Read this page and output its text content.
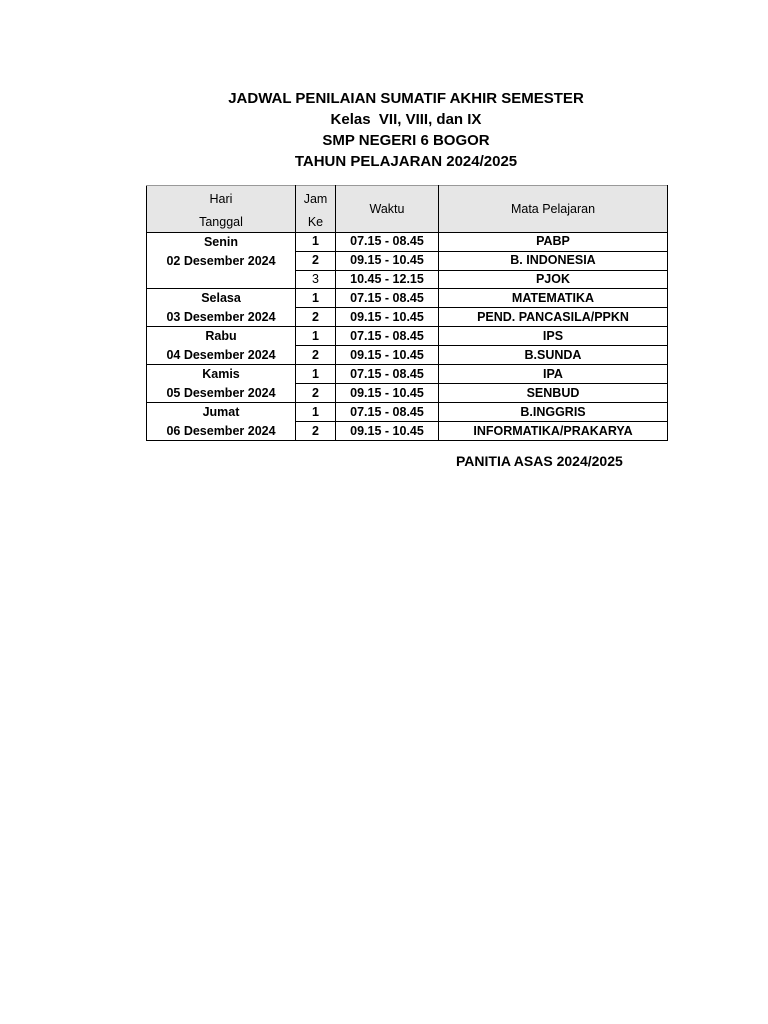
JADWAL PENILAIAN SUMATIF AKHIR SEMESTER
Kelas  VII, VIII, dan IX
SMP NEGERI 6 BOGOR
TAHUN PELAJARAN 2024/2025
Hari	Jam	Waktu	Mata Pelajaran
Tanggal	Ke		

Senin
02 Desember 2024	1	07.15 - 08.45	PABP
	2	09.15 - 10.45	B. INDONESIA
	3	10.45 - 12.15	PJOK

Selasa
03 Desember 2024	1	07.15 - 08.45	MATEMATIKA
	2	09.15 - 10.45	PEND. PANCASILA/PPKN

Rabu
04 Desember 2024	1	07.15 - 08.45	IPS
	2	09.15 - 10.45	B.SUNDA

Kamis
05 Desember 2024	1	07.15 - 08.45	IPA
	2	09.15 - 10.45	SENBUD

Jumat
06 Desember 2024	1	07.15 - 08.45	B.INGGRIS
	2	09.15 - 10.45	INFORMATIKA/PRAKARYA
PANITIA ASAS 2024/2025
